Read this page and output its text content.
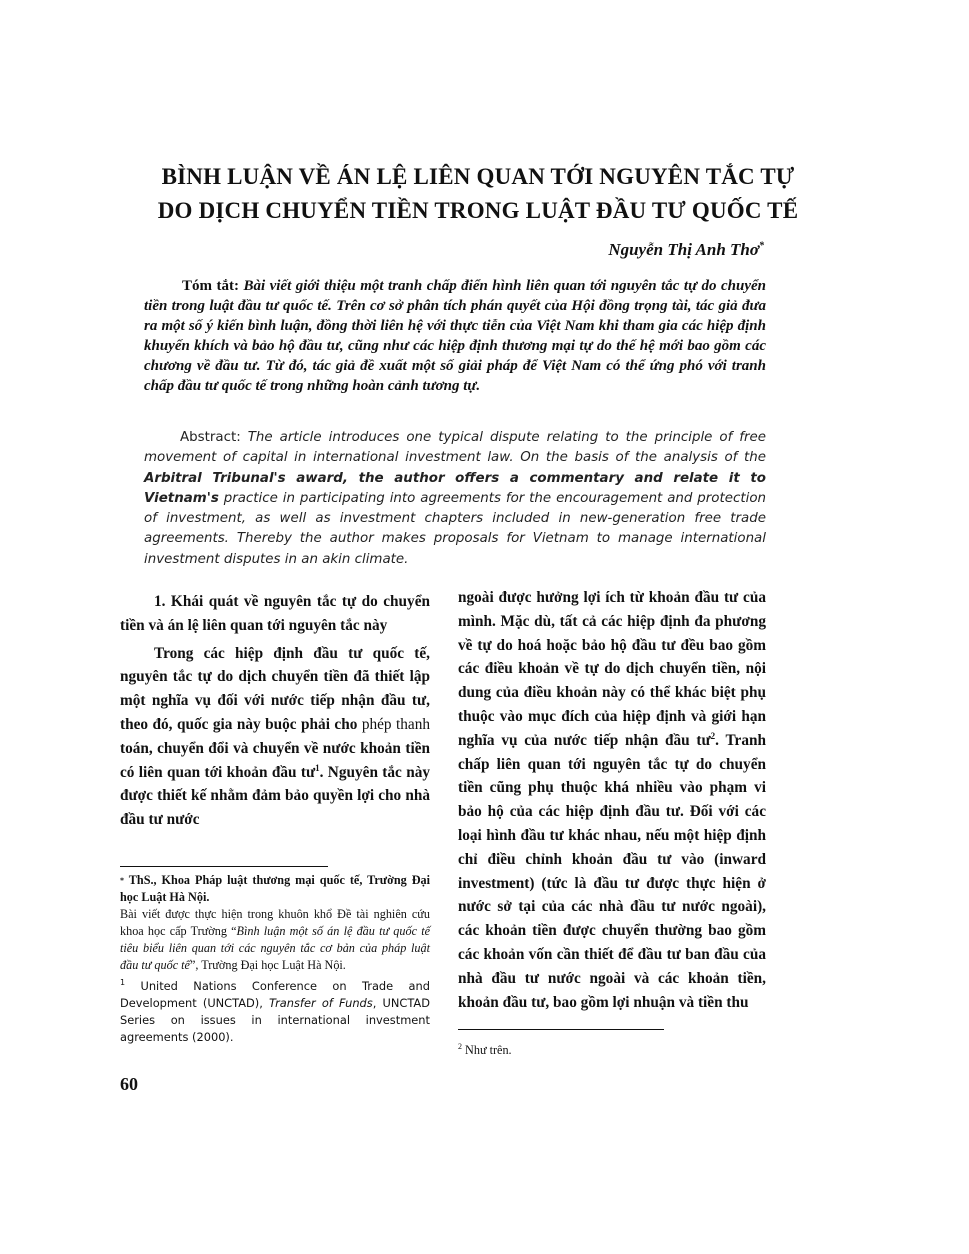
BÌNH LUẬN VỀ ÁN LỆ LIÊN QUAN TỚI NGUYÊN TẮC TỰ
DO DỊCH CHUYỂN TIỀN TRONG LUẬT ĐẦU TƯ QUỐC TẾ
Nguyễn Thị Anh Thơ*
Tóm tắt: Bài viết giới thiệu một tranh chấp điển hình liên quan tới nguyên tắc tự do chuyển tiền trong luật đầu tư quốc tế. Trên cơ sở phân tích phán quyết của Hội đồng trọng tài, tác giả đưa ra một số ý kiến bình luận, đồng thời liên hệ với thực tiễn của Việt Nam khi tham gia các hiệp định khuyến khích và bảo hộ đầu tư, cũng như các hiệp định thương mại tự do thế hệ mới bao gồm các chương về đầu tư. Từ đó, tác giả đề xuất một số giải pháp để Việt Nam có thể ứng phó với tranh chấp đầu tư quốc tế trong những hoàn cảnh tương tự.
Abstract: The article introduces one typical dispute relating to the principle of free movement of capital in international investment law. On the basis of the analysis of the Arbitral Tribunal's award, the author offers a commentary and relate it to Vietnam's practice in participating into agreements for the encouragement and protection of investment, as well as investment chapters included in new-generation free trade agreements. Thereby the author makes proposals for Vietnam to manage international investment disputes in an akin climate.

1. Khái quát về nguyên tắc tự do chuyển tiền và án lệ liên quan tới nguyên tắc này

Trong các hiệp định đầu tư quốc tế, nguyên tắc tự do dịch chuyển tiền đã thiết lập một nghĩa vụ đối với nước tiếp nhận đầu tư, theo đó, quốc gia này buộc phải cho phép thanh toán, chuyển đổi và chuyển về nước khoản tiền có liên quan tới khoản đầu $tư^1$. Nguyên tắc này được thiết kế nhằm đảm bảo quyền lợi cho nhà đầu tư nước

ngoài được hưởng lợi ích từ khoản đầu tư của mình. Mặc dù, tất cả các hiệp định đa phương về tự do hoá hoặc bảo hộ đầu tư đều bao gồm các điều khoản về tự do dịch chuyển tiền, nội dung của điều khoản này có thể khác biệt phụ thuộc vào mục đích của hiệp định và giới hạn nghĩa vụ của nước tiếp nhận đầu $tư^2$. Tranh chấp liên quan tới nguyên tắc tự do chuyển tiền cũng phụ thuộc khá nhiều vào phạm vi bảo hộ của các hiệp định đầu tư. Đối với các loại hình đầu tư khác nhau, nếu một hiệp định chỉ điều chỉnh khoản đầu tư vào (inward investment) (tức là đầu tư được thực hiện ở nước sở tại của các nhà đầu tư nước ngoài), các khoản tiền được chuyển thường bao gồm các khoản vốn cần thiết để đầu tư ban đầu của nhà đầu tư nước ngoài và các khoản tiền, khoản đầu tư, bao gồm lợi nhuận và tiền thu

* ThS., Khoa Pháp luật thương mại quốc tế, Trường Đại học Luật Hà Nội.

Bài viết được thực hiện trong khuôn khổ Đề tài nghiên cứu khoa học cấp Trường “Bình luận một số án lệ đầu tư quốc tế tiêu biểu liên quan tới các nguyên tắc cơ bản của pháp luật đầu tư quốc tế”, Trường Đại học Luật Hà Nội.

$^1$ United Nations Conference on Trade and Development (UNCTAD), Transfer of Funds, UNCTAD Series on issues in international investment agreements (2000).

$^2$ Như trên.
60
